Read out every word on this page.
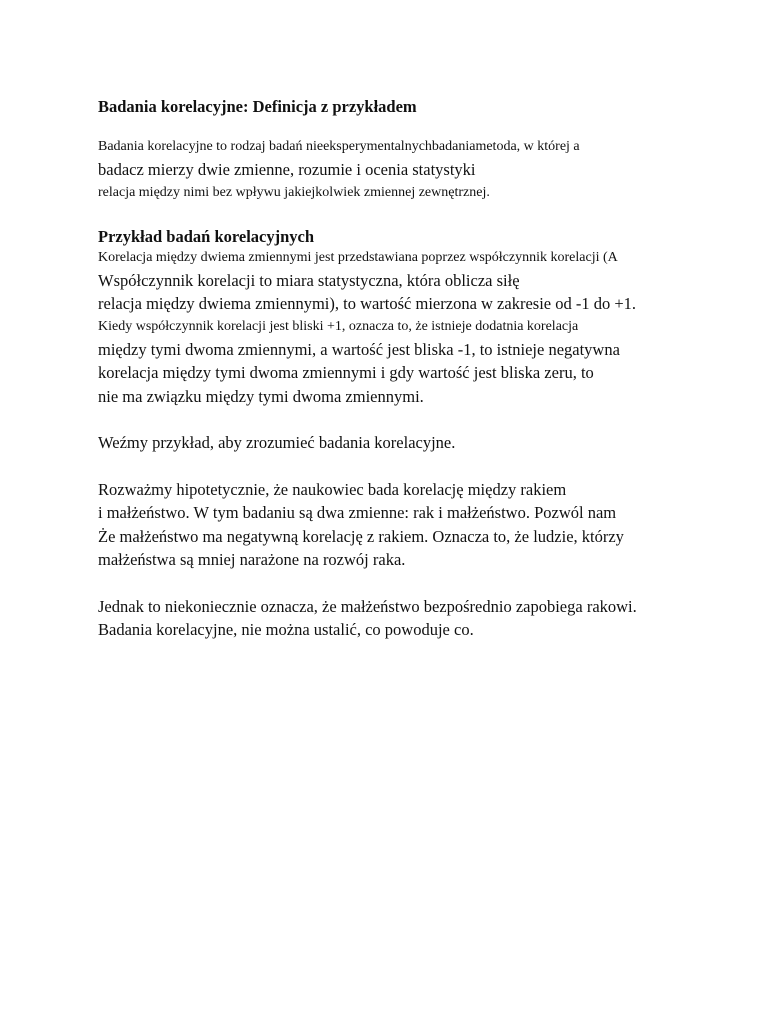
Badania korelacyjne: Definicja z przykładem
Badania korelacyjne to rodzaj badań nieeksperymentalnychbadaniametoda, w której a
badacz mierzy dwie zmienne, rozumie i ocenia statystyki
relacja między nimi bez wpływu jakiejkolwiek zmiennej zewnętrznej.
Przykład badań korelacyjnych
Korelacja między dwiema zmiennymi jest przedstawiana poprzez współczynnik korelacji (A
Współczynnik korelacji to miara statystyczna, która oblicza siłę
relacja między dwiema zmiennymi), to wartość mierzona w zakresie od -1 do +1.
Kiedy współczynnik korelacji jest bliski +1, oznacza to, że istnieje dodatnia korelacja
między tymi dwoma zmiennymi, a wartość jest bliska -1, to istnieje negatywna
korelacja między tymi dwoma zmiennymi i gdy wartość jest bliska zeru, to
nie ma związku między tymi dwoma zmiennymi.
Weźmy przykład, aby zrozumieć badania korelacyjne.
Rozważmy hipotetycznie, że naukowiec bada korelację między rakiem
i małżeństwo. W tym badaniu są dwa zmienne: rak i małżeństwo. Pozwól nam
Że małżeństwo ma negatywną korelację z rakiem. Oznacza to, że ludzie, którzy
małżeństwa są mniej narażone na rozwój raka.
Jednak to niekoniecznie oznacza, że małżeństwo bezpośrednio zapobiega rakowi.
Badania korelacyjne, nie można ustalić, co powoduje co.
